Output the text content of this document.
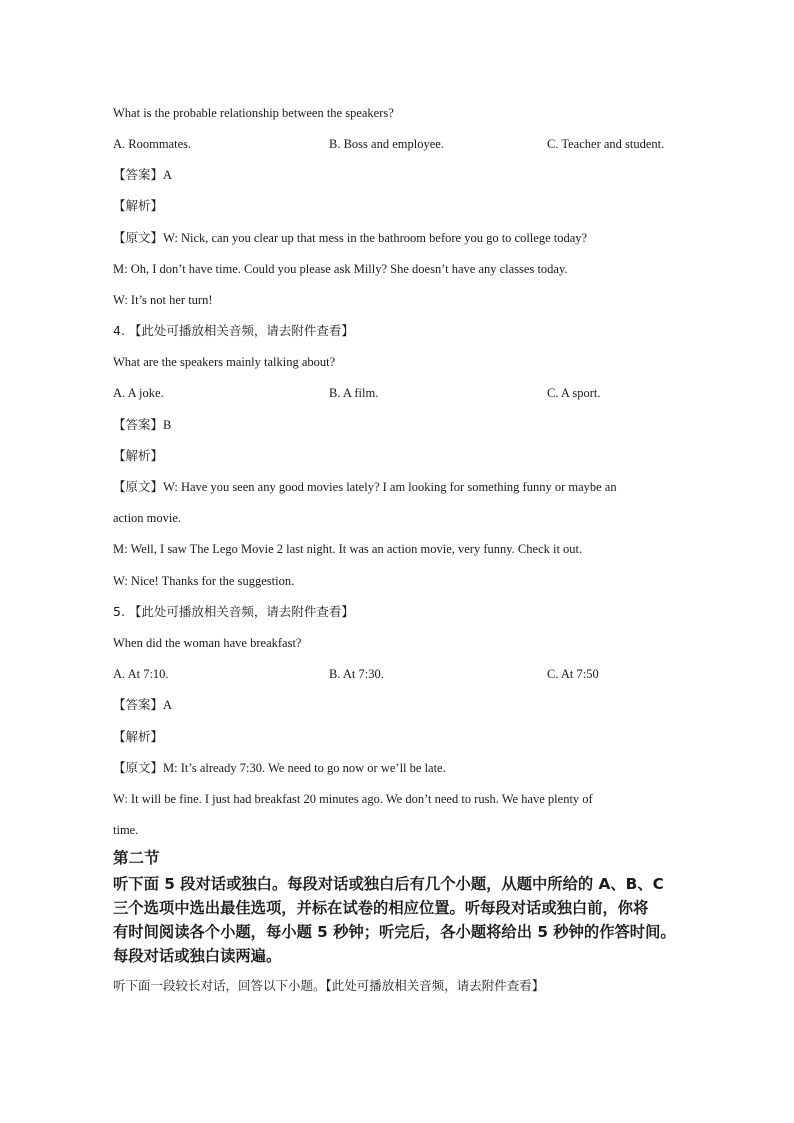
What is the probable relationship between the speakers?
A. Roommates.	B. Boss and employee.	C. Teacher and student.
【答案】A
【解析】
【原文】W: Nick, can you clear up that mess in the bathroom before you go to college today?
M: Oh, I don’t have time. Could you please ask Milly? She doesn’t have any classes today.
W: It’s not her turn!
4. 【此处可播放相关音频，请去附件查看】
What are the speakers mainly talking about?
A. A joke.	B. A film.	C. A sport.
【答案】B
【解析】
【原文】W: Have you seen any good movies lately? I am looking for something funny or maybe an
action movie.
M: Well, I saw The Lego Movie 2 last night. It was an action movie, very funny. Check it out.
W: Nice! Thanks for the suggestion.
5. 【此处可播放相关音频，请去附件查看】
When did the woman have breakfast?
A. At 7:10.	B. At 7:30.	C. At 7:50
【答案】A
【解析】
【原文】M: It’s already 7:30. We need to go now or we’ll be late.
W: It will be fine. I just had breakfast 20 minutes ago. We don’t need to rush. We have plenty of
time.
第二节
听下面 5 段对话或独白。每段对话或独白后有几个小题，从题中所给的 A、B、C
三个选项中选出最佳选项，并标在试卷的相应位置。听每段对话或独白前，你将
有时间阅读各个小题，每小题 5 秒钟；听完后，各小题将给出 5 秒钟的作答时间。
每段对话或独白读两遍。
听下面一段较长对话，回答以下小题。【此处可播放相关音频，请去附件查看】
